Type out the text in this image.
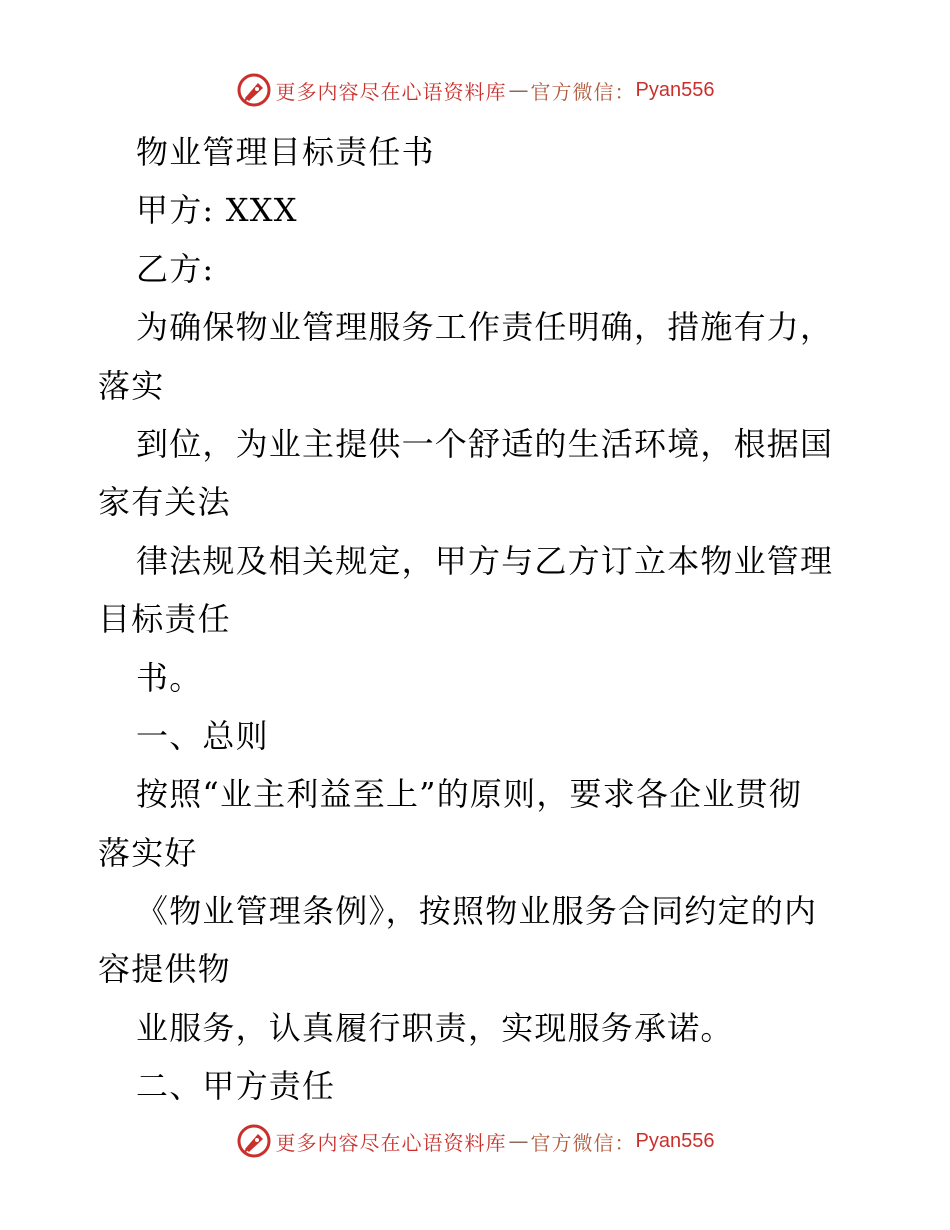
更多内容尽在心语资料库 — 官方微信： Pyan556
物业管理目标责任书
甲方: XXX
乙方:
为确保物业管理服务工作责任明确，措施有力，
落实
到位，为业主提供一个舒适的生活环境，根据国
家有关法
律法规及相关规定，甲方与乙方订立本物业管理
目标责任
书。
一、总则
按照“业主利益至上”的原则，要求各企业贯彻
落实好
《物业管理条例》，按照物业服务合同约定的内
容提供物
业服务，认真履行职责，实现服务承诺。
二、甲方责任
更多内容尽在心语资料库 — 官方微信： Pyan556
